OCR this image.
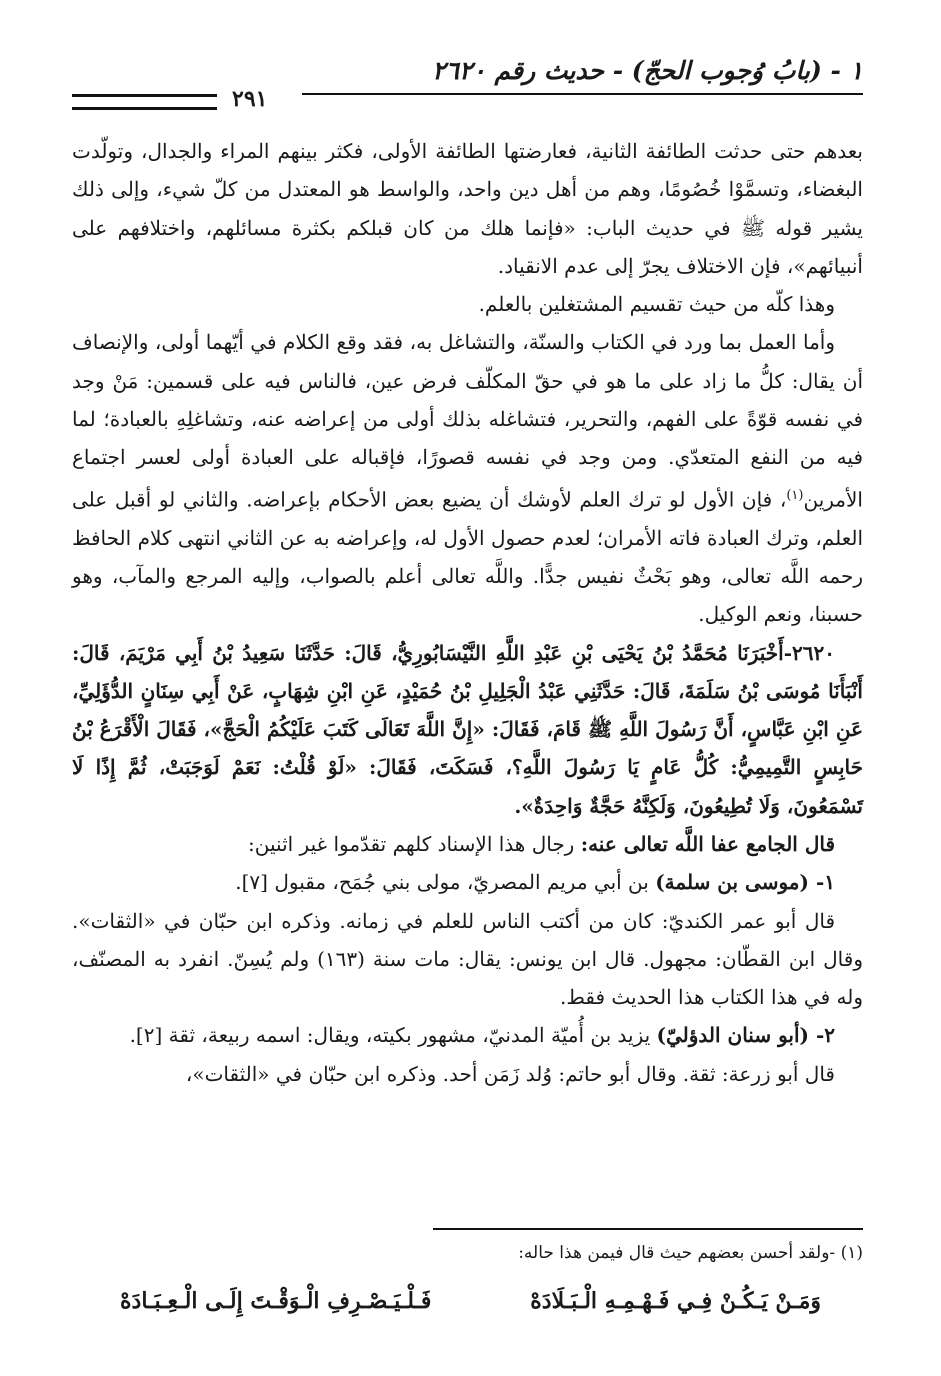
١ - (بابُ وُجوب الحجّ) - حديث رقم ٢٦٢٠
٢٩١

بعدهم حتى حدثت الطائفة الثانية، فعارضتها الطائفة الأولى، فكثر بينهم المراء والجدال، وتولّدت البغضاء، وتسمَّوْا خُصُومًا، وهم من أهل دين واحد، والواسط هو المعتدل من كلّ شيء، وإلى ذلك يشير قوله ﷺ في حديث الباب: «فإنما هلك من كان قبلكم بكثرة مسائلهم، واختلافهم على أنبيائهم»، فإن الاختلاف يجرّ إلى عدم الانقياد.

وهذا كلّه من حيث تقسيم المشتغلين بالعلم.

وأما العمل بما ورد في الكتاب والسنّة، والتشاغل به، فقد وقع الكلام في أيّهما أولى، والإنصاف أن يقال: كلُّ ما زاد على ما هو في حقّ المكلّف فرض عين، فالناس فيه على قسمين: مَنْ وجد في نفسه قوّةً على الفهم، والتحرير، فتشاغله بذلك أولى من إعراضه عنه، وتشاغلِهِ بالعبادة؛ لما فيه من النفع المتعدّي. ومن وجد في نفسه قصورًا، فإقباله على العبادة أولى لعسر اجتماع الأمرين$^{(١)}$، فإن الأول لو ترك العلم لأوشك أن يضيع بعض الأحكام بإعراضه. والثاني لو أقبل على العلم، وترك العبادة فاته الأمران؛ لعدم حصول الأول له، وإعراضه به عن الثاني انتهى كلام الحافظ رحمه اللَّه تعالى، وهو بَحْثٌ نفيس جدًّا. واللَّه تعالى أعلم بالصواب، وإليه المرجع والمآب، وهو حسبنا، ونعم الوكيل.

٢٦٢٠-أَخْبَرَنَا مُحَمَّدُ بْنُ يَحْيَى بْنِ عَبْدِ اللَّهِ النَّيْسَابُورِيُّ، قَالَ: حَدَّثَنَا سَعِيدُ بْنُ أَبِي مَرْيَمَ، قَالَ: أَنْبَأَنَا مُوسَى بْنُ سَلَمَةَ، قَالَ: حَدَّثَنِي عَبْدُ الْجَلِيلِ بْنُ حُمَيْدٍ، عَنِ ابْنِ شِهَابٍ، عَنْ أَبِي سِنَانٍ الدُّؤَلِيِّ، عَنِ ابْنِ عَبَّاسٍ، أَنَّ رَسُولَ اللَّهِ ﷺ قَامَ، فَقَالَ: «إِنَّ اللَّهَ تَعَالَى كَتَبَ عَلَيْكُمُ الْحَجَّ»، فَقَالَ الْأَقْرَعُ بْنُ حَابِسٍ التَّمِيمِيُّ: كُلُّ عَامٍ يَا رَسُولَ اللَّهِ؟، فَسَكَتَ، فَقَالَ: «لَوْ قُلْتُ: نَعَمْ لَوَجَبَتْ، ثُمَّ إِذًا لَا تَسْمَعُونَ، وَلَا تُطِيعُونَ، وَلَكِنَّهُ حَجَّةٌ وَاحِدَةٌ».

قال الجامع عفا اللَّه تعالى عنه: رجال هذا الإسناد كلهم تقدّموا غير اثنين:

١- (موسى بن سلمة) بن أبي مريم المصريّ، مولى بني جُمَح، مقبول [٧].

قال أبو عمر الكنديّ: كان من أكتب الناس للعلم في زمانه. وذكره ابن حبّان في «الثقات». وقال ابن القطّان: مجهول. قال ابن يونس: يقال: مات سنة (١٦٣) ولم يُسِنّ. انفرد به المصنّف، وله في هذا الكتاب هذا الحديث فقط.

٢- (أبو سنان الدؤليّ) يزيد بن أُميّة المدنيّ، مشهور بكيته، ويقال: اسمه ربيعة، ثقة [٢].

قال أبو زرعة: ثقة. وقال أبو حاتم: وُلد زَمَن أحد. وذكره ابن حبّان في «الثقات»،

(١) -ولقد أحسن بعضهم حيث قال فيمن هذا حاله:
وَمَـنْ يَـكُـنْ فِـي فَـهْـمِـهِ الْـبَـلَادَهْ
فَـلْـيَـصْـرِفِ الْـوَقْـتَ إِلَـى الْـعِـبَـادَهْ
